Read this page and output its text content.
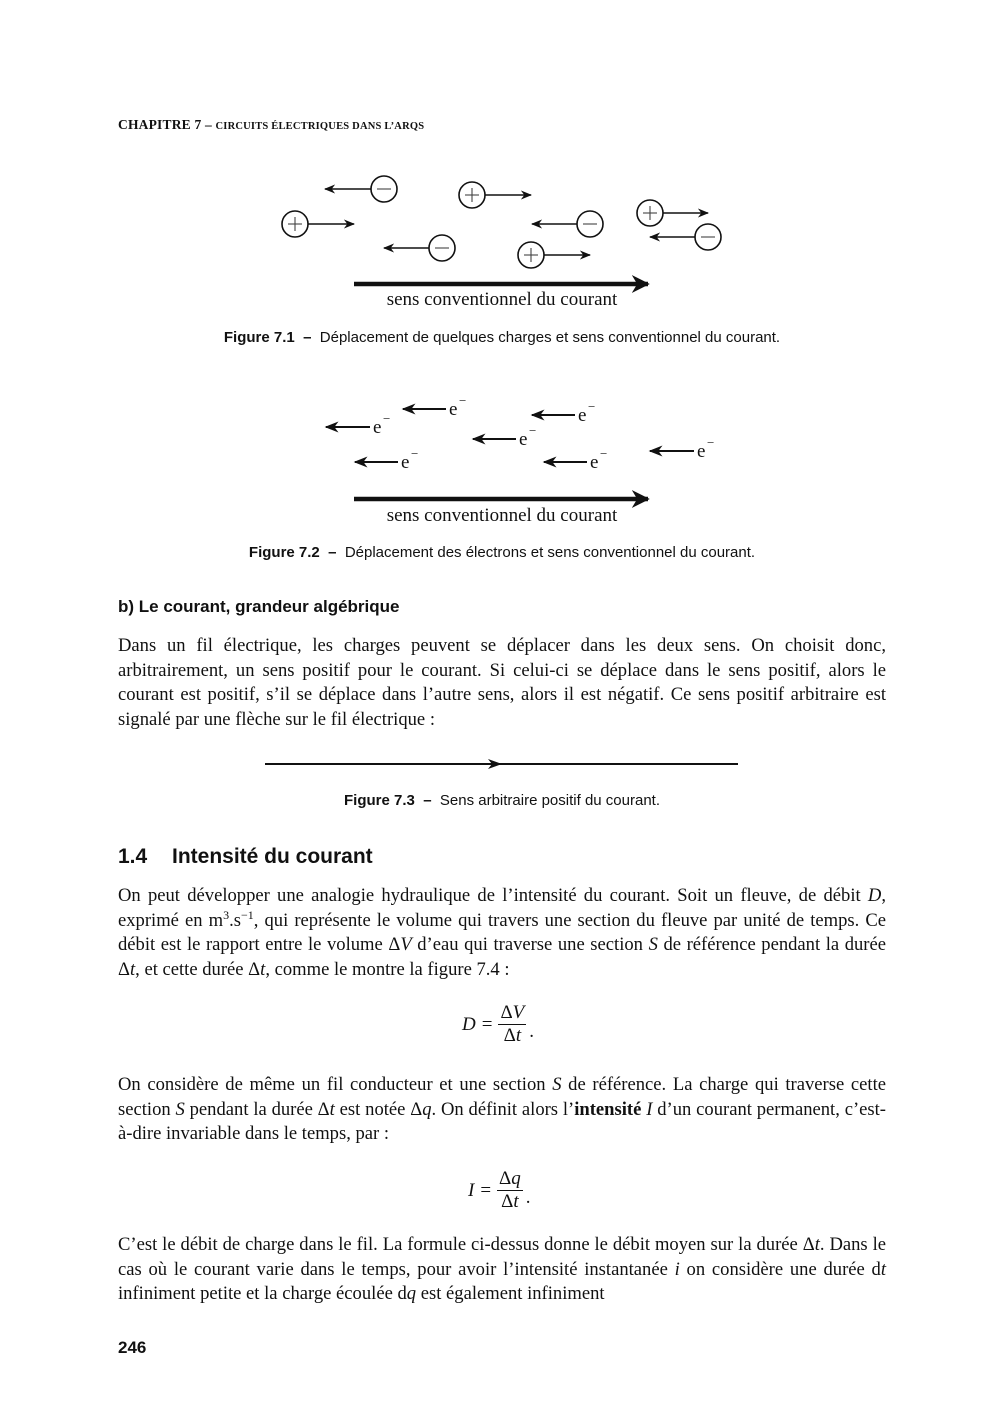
CHAPITRE 7 – CIRCUITS ÉLECTRIQUES DANS L’ARQS
sens conventionnel du courant
Figure 7.1 – Déplacement de quelques charges et sens conventionnel du courant.
e −
e −
e −
e −
e −
e −	e −
sens conventionnel du courant
Figure 7.2 – Déplacement des électrons et sens conventionnel du courant.
b) Le courant, grandeur algébrique
Dans un fil électrique, les charges peuvent se déplacer dans les deux sens. On choisit donc, arbitrairement, un sens positif pour le courant. Si celui-ci se déplace dans le sens positif, alors le courant est positif, s’il se déplace dans l’autre sens, alors il est négatif. Ce sens positif arbitraire est signalé par une flèche sur le fil électrique :
Figure 7.3 – Sens arbitraire positif du courant.
1.4 Intensité du courant
On peut développer une analogie hydraulique de l’intensité du courant. Soit un fleuve, de débit D, exprimé en $m^3.s^{-1}$, qui représente le volume qui travers une section du fleuve par unité de temps. Ce débit est le rapport entre le volume ΔV d’eau qui traverse une section S de référence pendant la durée Δt, et cette durée Δt, comme le montre la figure 7.4 :
$D = \frac{\Delta V}{\Delta t}$ .
On considère de même un fil conducteur et une section S de référence. La charge qui traverse cette section S pendant la durée Δt est notée Δq. On définit alors l’intensité I d’un courant permanent, c’est-à-dire invariable dans le temps, par :
$I = \frac{\Delta q}{\Delta t}$ .
C’est le débit de charge dans le fil. La formule ci-dessus donne le débit moyen sur la durée Δt. Dans le cas où le courant varie dans le temps, pour avoir l’intensité instantanée i on considère une durée dt infiniment petite et la charge écoulée dq est également infiniment
246
